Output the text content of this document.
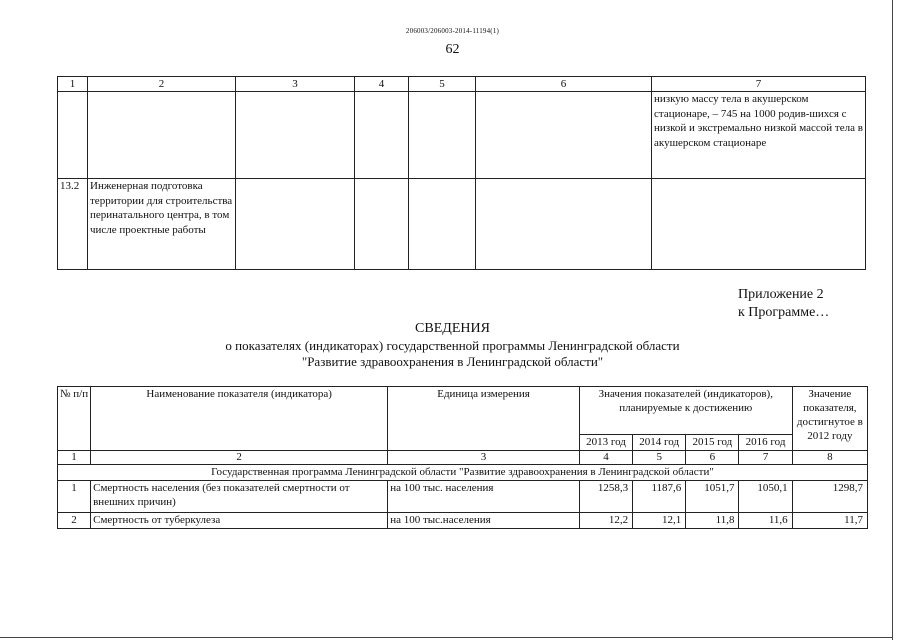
206003/206003-2014-11194(1)
62
1	2	3	4	5	6	7
						низкую массу тела в акушерском стационаре, – 745 на 1000 родив-шихся с низкой и экстремально низкой массой тела в акушерском стационаре
13.2	Инженерная подготовка территории для строительства перинатального центра, в том числе проектные работы					
Приложение 2
к Программе…
СВЕДЕНИЯ
о показателях (индикаторах) государственной программы Ленинградской области
"Развитие здравоохранения в Ленинградской области"
№ п/п	Наименование показателя (индикатора)	Единица измерения	Значения показателей (индикаторов), планируемые к достижению				Значение показателя, достигнутое в 2012 году
			2013 год	2014 год	2015 год	2016 год	
1	2	3	4	5	6	7	8
Государственная программа Ленинградской области "Развитие здравоохранения в Ленинградской области"							
1	Смертность населения (без показателей смертности от внешних причин)	на 100 тыс. населения	1258,3	1187,6	1051,7	1050,1	1298,7
2	Смертность от туберкулеза	на 100 тыс.населения	12,2	12,1	11,8	11,6	11,7
